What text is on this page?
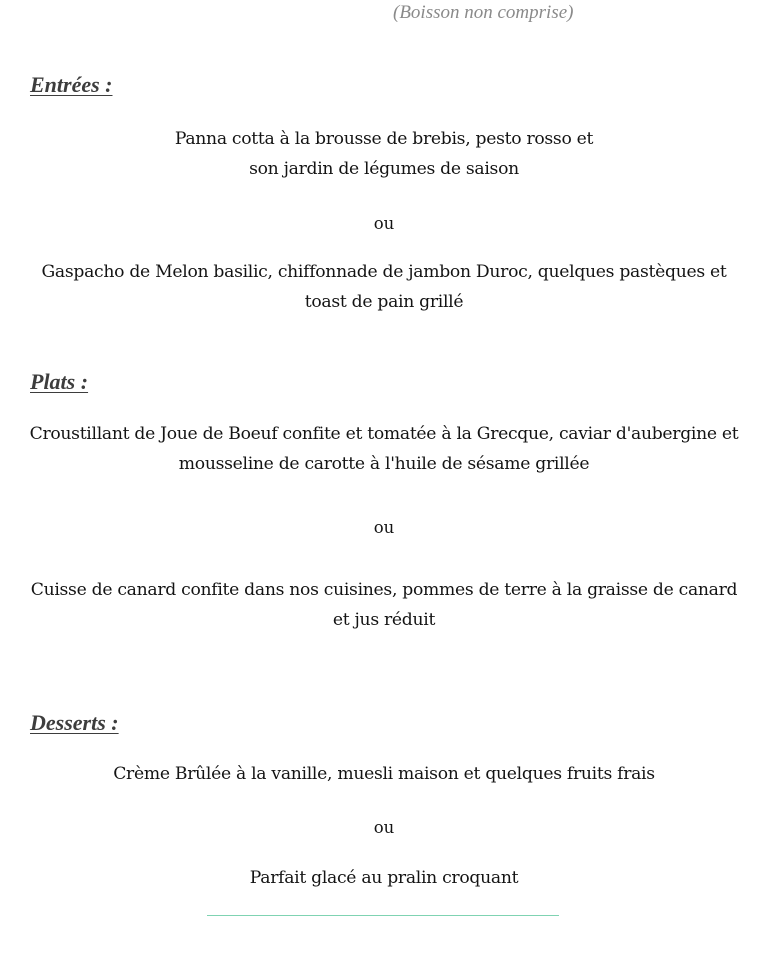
(Boisson non comprise)
Entrées :
Panna cotta à la brousse de brebis, pesto rosso et
son jardin de légumes de saison
ou
Gaspacho de Melon basilic, chiffonnade de jambon Duroc, quelques pastèques et
toast de pain grillé
Plats :
Croustillant de Joue de Boeuf confite et tomatée à la Grecque, caviar d'aubergine et
mousseline de carotte à l'huile de sésame grillée
ou
Cuisse de canard confite dans nos cuisines, pommes de terre à la graisse de canard
et jus réduit
Desserts :
Crème Brûlée à la vanille, muesli maison et quelques fruits frais
ou
Parfait glacé au pralin croquant
